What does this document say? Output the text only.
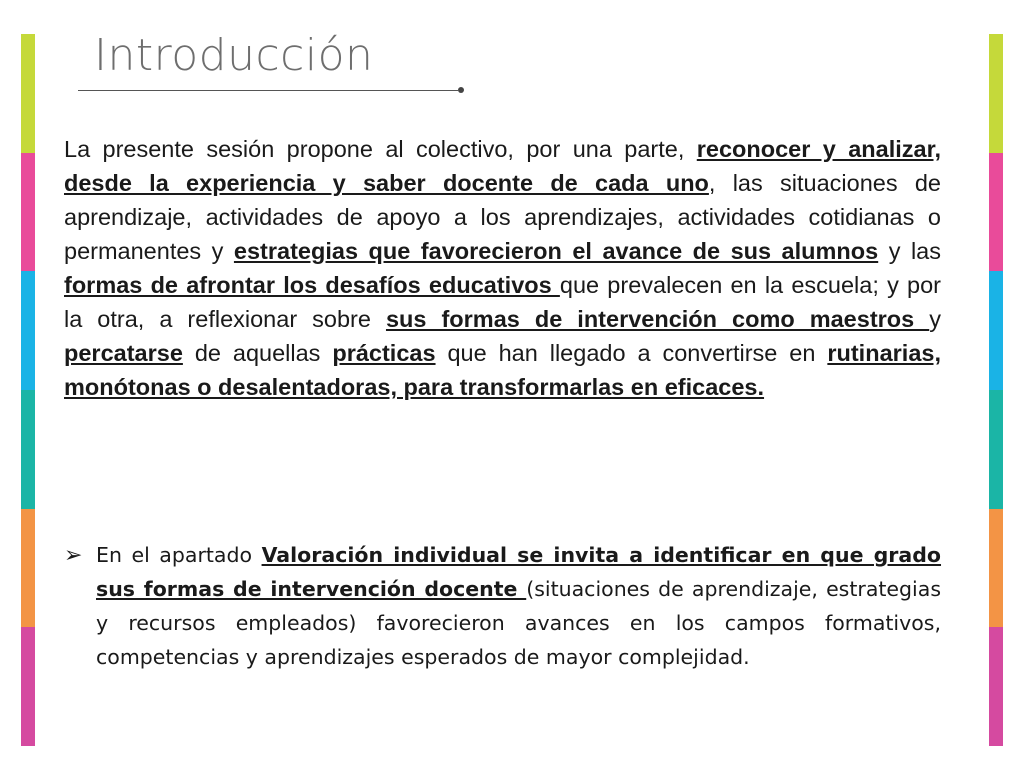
Introducción

La presente sesión propone al colectivo, por una parte, reconocer y analizar, desde la experiencia y saber docente de cada uno, las situaciones de aprendizaje, actividades de apoyo a los aprendizajes, actividades cotidianas o permanentes y estrategias que favorecieron el avance de sus alumnos y las formas de afrontar los desafíos educativos que prevalecen en la escuela; y por la otra, a reflexionar sobre sus formas de intervención como maestros y percatarse de aquellas prácticas que han llegado a convertirse en rutinarias, monótonas o desalentadoras, para transformarlas en eficaces.

➢ En el apartado Valoración individual se invita a identificar en que grado sus formas de intervención docente (situaciones de aprendizaje, estrategias y recursos empleados) favorecieron avances en los campos formativos, competencias y aprendizajes esperados de mayor complejidad.
